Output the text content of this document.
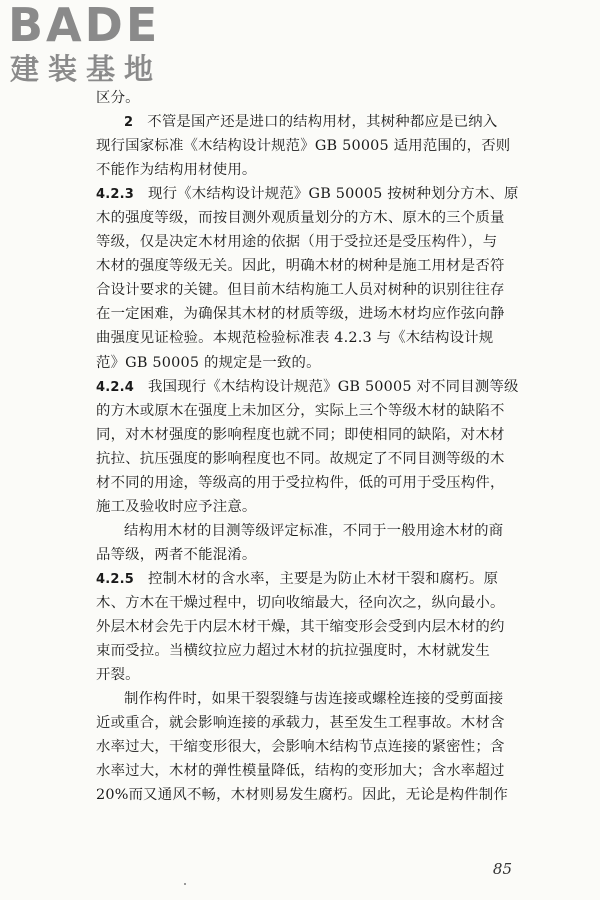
BADE
建装基地
区分。
2 不管是国产还是进口的结构用材，其树种都应是已纳入
现行国家标准《木结构设计规范》GB 50005 适用范围的，否则
不能作为结构用材使用。
4.2.3 现行《木结构设计规范》GB 50005 按树种划分方木、原
木的强度等级，而按目测外观质量划分的方木、原木的三个质量
等级，仅是决定木材用途的依据（用于受拉还是受压构件），与
木材的强度等级无关。因此，明确木材的树种是施工用材是否符
合设计要求的关键。但目前木结构施工人员对树种的识别往往存
在一定困难，为确保其木材的材质等级，进场木材均应作弦向静
曲强度见证检验。本规范检验标准表 4.2.3 与《木结构设计规
范》GB 50005 的规定是一致的。
4.2.4 我国现行《木结构设计规范》GB 50005 对不同目测等级
的方木或原木在强度上未加区分，实际上三个等级木材的缺陷不
同，对木材强度的影响程度也就不同；即使相同的缺陷，对木材
抗拉、抗压强度的影响程度也不同。故规定了不同目测等级的木
材不同的用途，等级高的用于受拉构件，低的可用于受压构件，
施工及验收时应予注意。
结构用木材的目测等级评定标准，不同于一般用途木材的商
品等级，两者不能混淆。
4.2.5 控制木材的含水率，主要是为防止木材干裂和腐朽。原
木、方木在干燥过程中，切向收缩最大，径向次之，纵向最小。
外层木材会先于内层木材干燥，其干缩变形会受到内层木材的约
束而受拉。当横纹拉应力超过木材的抗拉强度时，木材就发生
开裂。
制作构件时，如果干裂裂缝与齿连接或螺栓连接的受剪面接
近或重合，就会影响连接的承载力，甚至发生工程事故。木材含
水率过大，干缩变形很大，会影响木结构节点连接的紧密性；含
水率过大，木材的弹性模量降低，结构的变形加大；含水率超过
20%而又通风不畅，木材则易发生腐朽。因此，无论是构件制作
85
